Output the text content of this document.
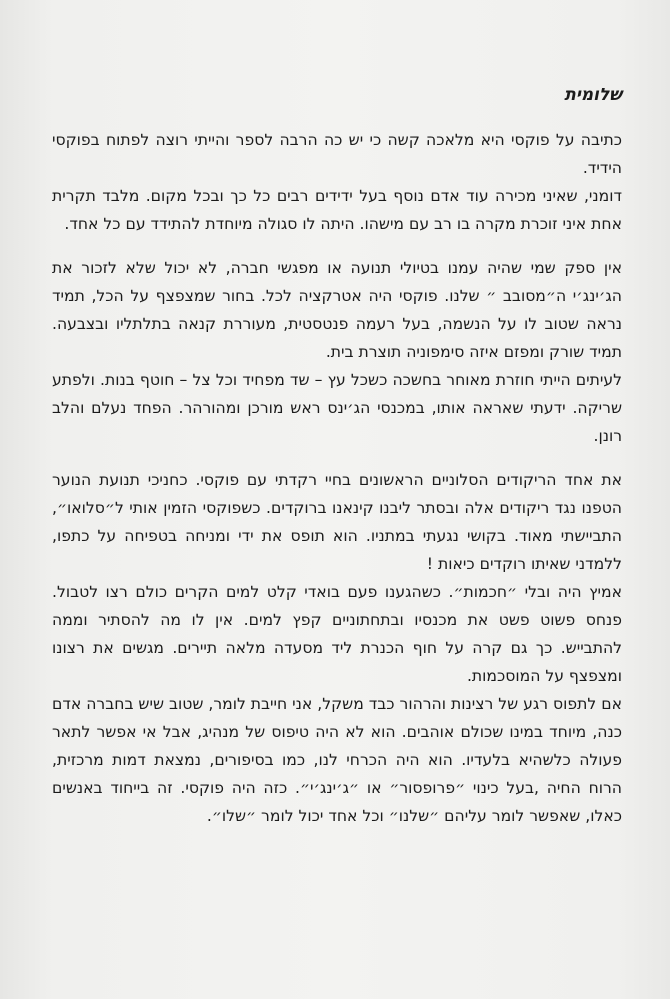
שלומית

כתיבה על פוקסי היא מלאכה קשה כי יש כה הרבה לספר והייתי רוצה לפתוח בפוקסי הידיד.

דומני, שאיני מכירה עוד אדם נוסף בעל ידידים רבים כל כך ובכל מקום. מלבד תקרית אחת איני זוכרת מקרה בו רב עם מישהו. היתה לו סגולה מיוחדת להתידד עם כל אחד.

אין ספק שמי שהיה עמנו בטיולי תנועה או מפגשי חברה, לא יכול שלא לזכור את הג׳ינג׳י ה״מסובב ״ שלנו. פוקסי היה אטרקציה לכל. בחור שמצפצף על הכל, תמיד נראה שטוב לו על הנשמה, בעל רעמה פנטסטית, מעוררת קנאה בתלתליו ובצבעה. תמיד שורק ומפזם איזה סימפוניה תוצרת בית.

לעיתים הייתי חוזרת מאוחר בחשכה כשכל עץ – שד מפחיד וכל צל – חוטף בנות. ולפתע שריקה. ידעתי שאראה אותו, במכנסי הג׳ינס ראש מורכן ומהורהר. הפחד נעלם והלב רונן.

את אחד הריקודים הסלוניים הראשונים בחיי רקדתי עם פוקסי. כחניכי תנועת הנוער הטפנו נגד ריקודים אלה ובסתר ליבנו קינאנו ברוקדים. כשפוקסי הזמין אותי ל״סלואו״, התביישתי מאוד. בקושי נגעתי במתניו. הוא תופס את ידי ומניחה בטפיחה על כתפו, ללמדני שאיתו רוקדים כיאות !

אמיץ היה ובלי ״חכמות״. כשהגענו פעם בואדי קלט למים הקרים כולם רצו לטבול. פנחס פשוט פשט את מכנסיו ובתחתוניים קפץ למים. אין לו מה להסתיר וממה להתבייש. כך גם קרה על חוף הכנרת ליד מסעדה מלאה תיירים. מגשים את רצונו ומצפצף על המוסכמות.

אם לתפוס רגע של רצינות והרהור כבד משקל, אני חייבת לומר, שטוב שיש בחברה אדם כנה, מיוחד במינו שכולם אוהבים. הוא לא היה טיפוס של מנהיג, אבל אי אפשר לתאר פעולה כלשהיא בלעדיו. הוא היה הכרחי לנו, כמו בסיפורים, נמצאת דמות מרכזית, הרוח החיה ,בעל כינוי ״פרופסור״ או ״ג׳ינג׳י״. כזה היה פוקסי. זה בייחוד באנשים כאלו, שאפשר לומר עליהם ״שלנו״ וכל אחד יכול לומר ״שלו״.
